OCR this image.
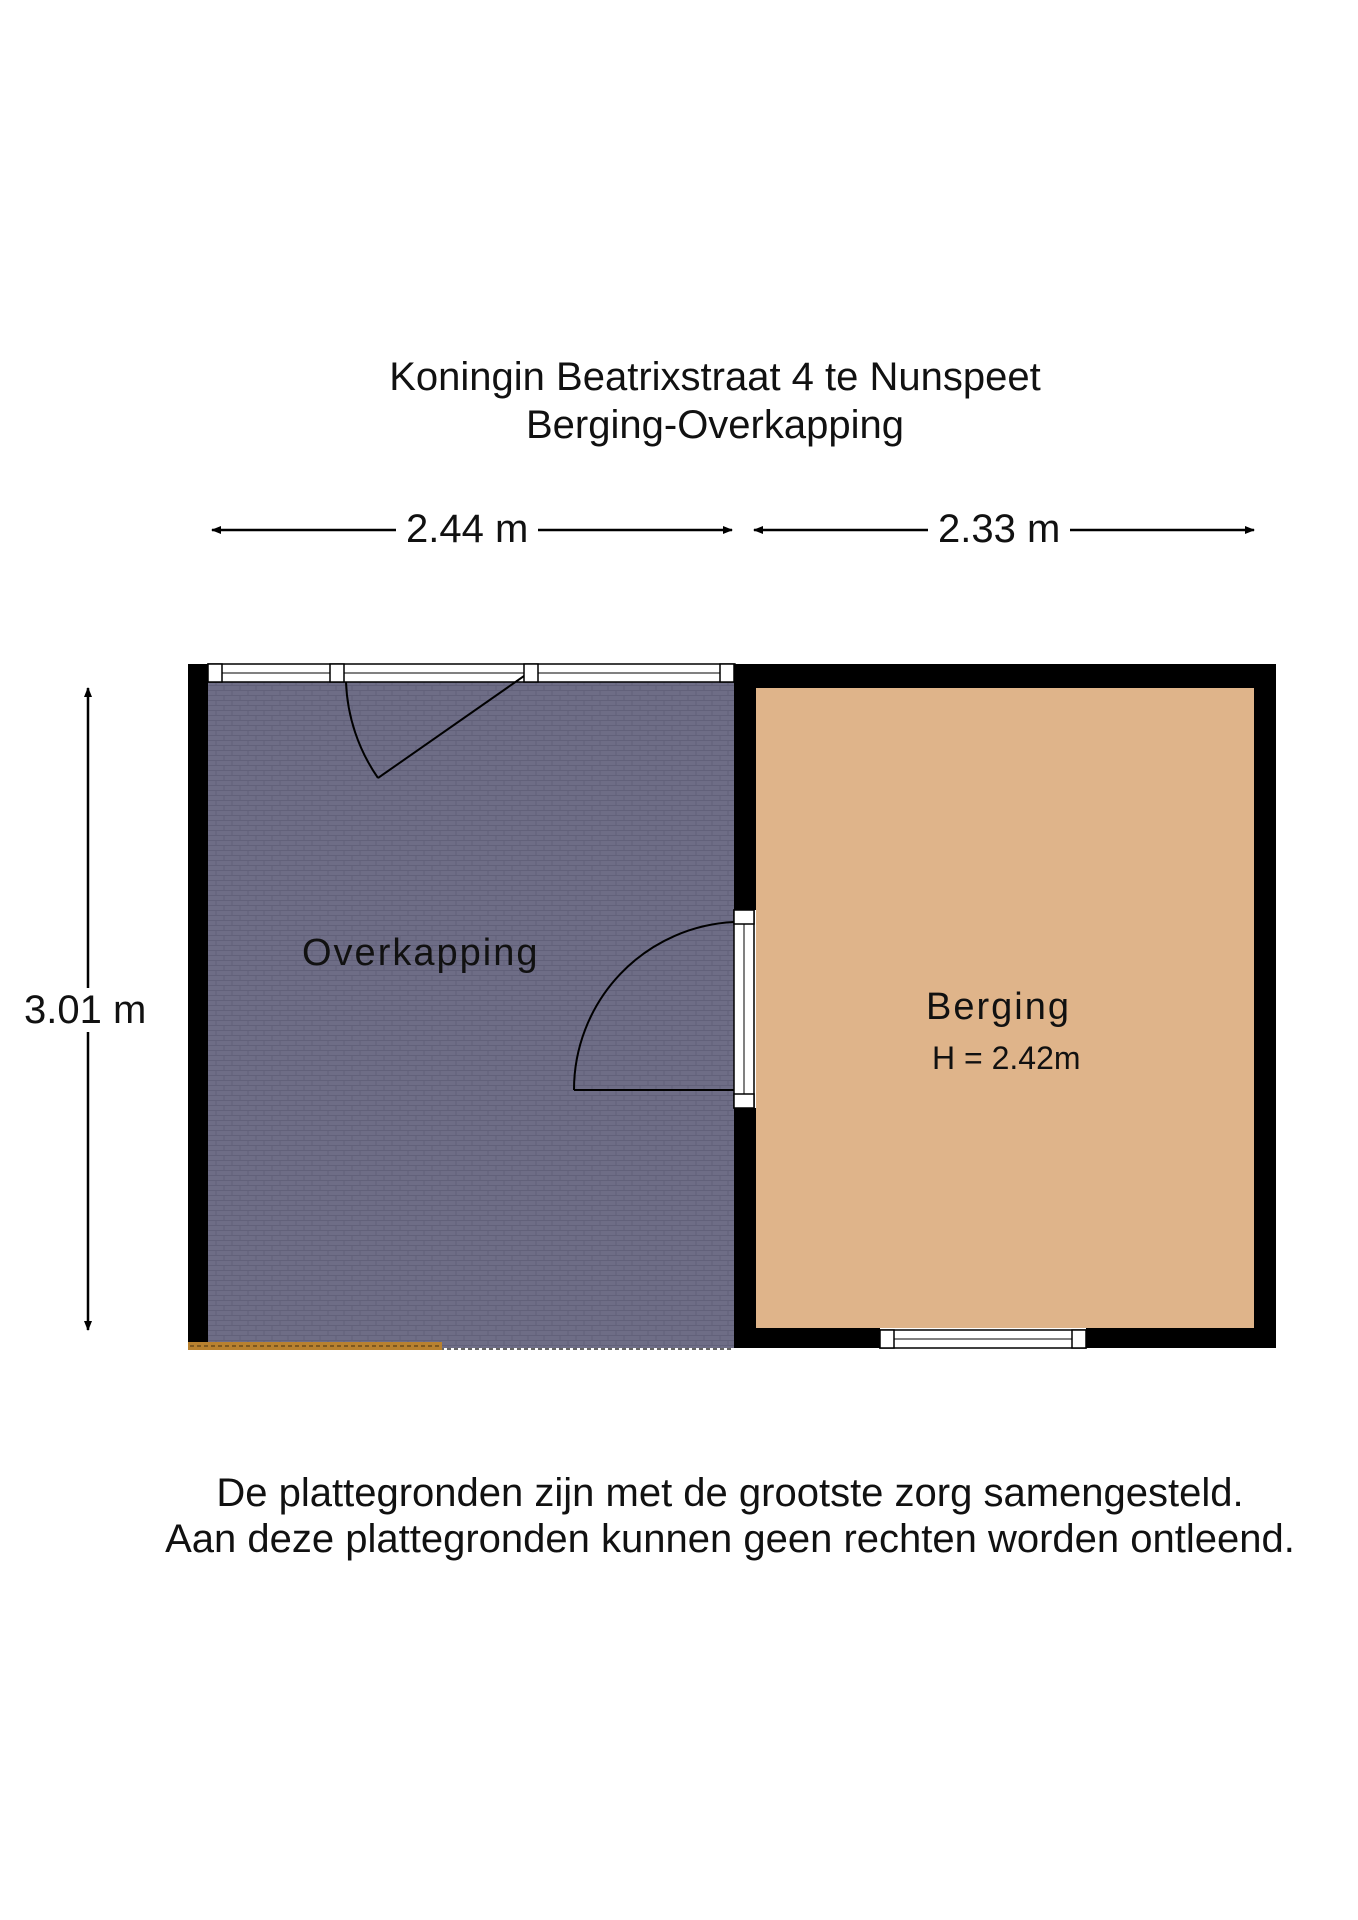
Koningin Beatrixstraat 4 te Nunspeet
Berging-Overkapping
2.44 m	2.33 m
3.01 m
Overkapping
Berging
H = 2.42m
De plattegronden zijn met de grootste zorg samengesteld.
Aan deze plattegronden kunnen geen rechten worden ontleend.
